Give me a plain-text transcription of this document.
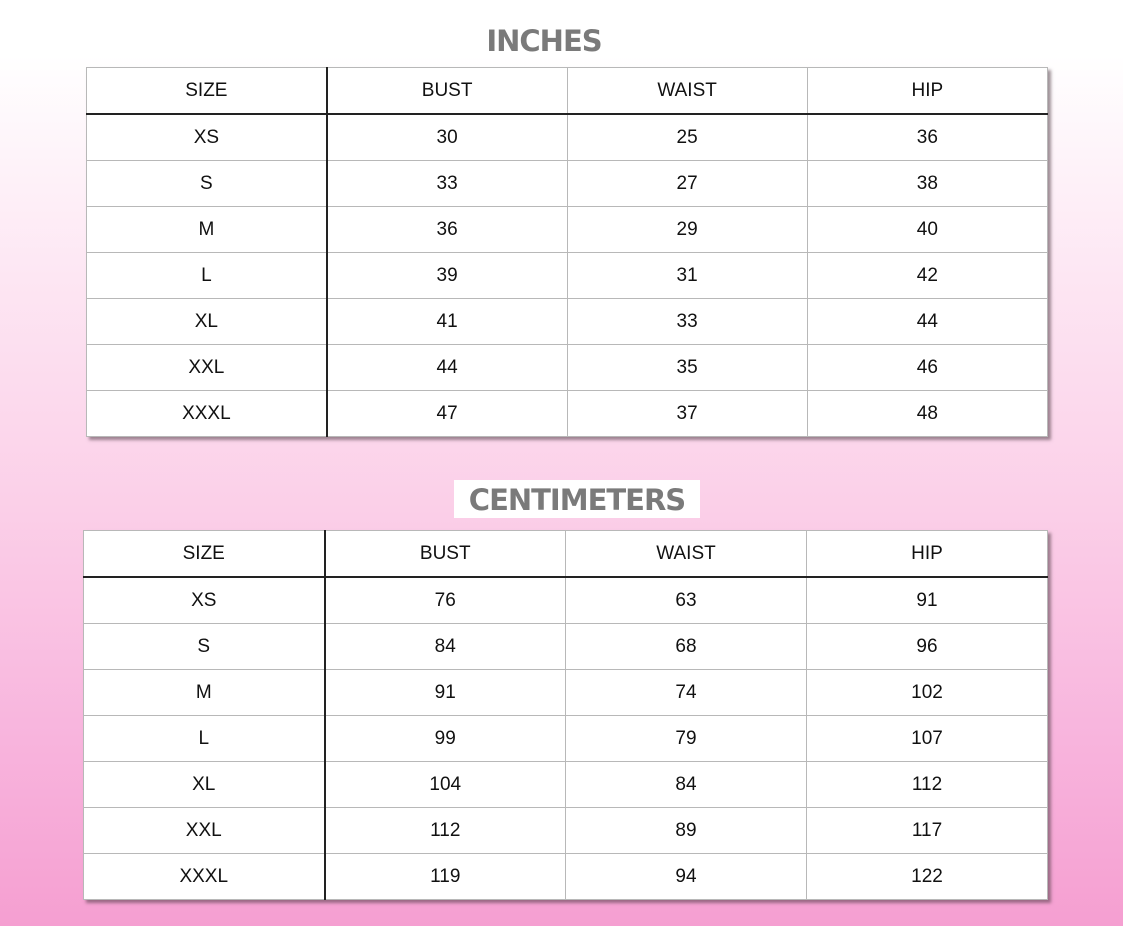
INCHES
SIZE	BUST	WAIST	HIP
XS	30	25	36
S	33	27	38
M	36	29	40
L	39	31	42
XL	41	33	44
XXL	44	35	46
XXXL	47	37	48
CENTIMETERS
SIZE	BUST	WAIST	HIP
XS	76	63	91
S	84	68	96
M	91	74	102
L	99	79	107
XL	104	84	112
XXL	112	89	117
XXXL	119	94	122
